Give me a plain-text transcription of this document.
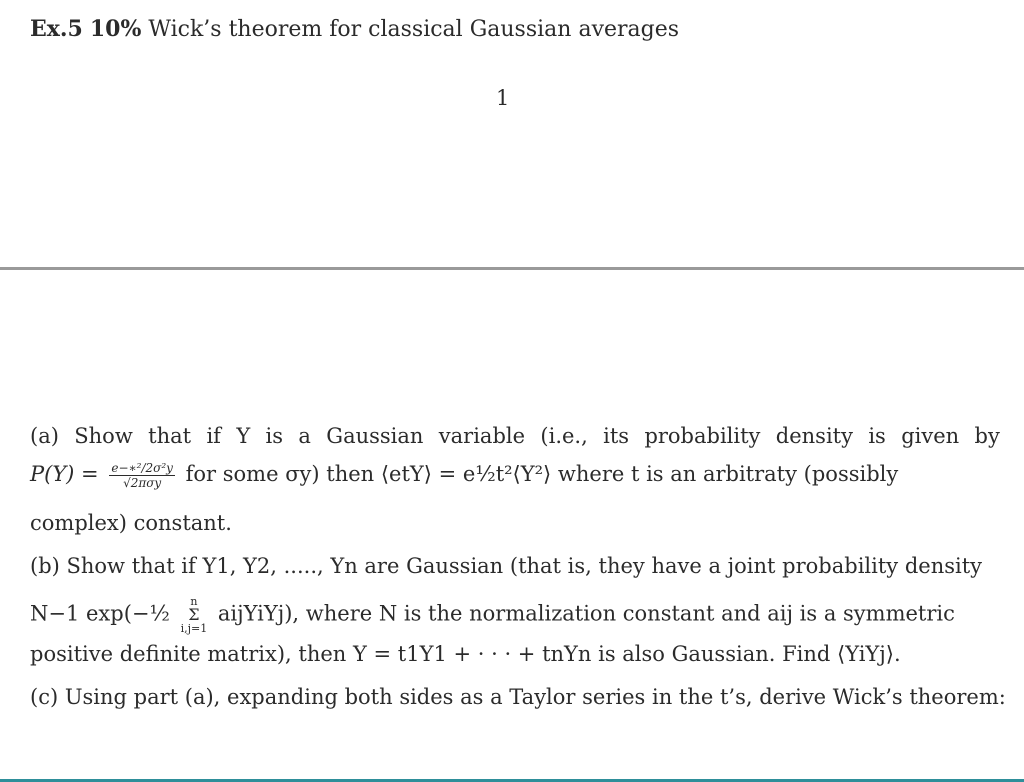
Ex.5 10% Wick’s theorem for classical Gaussian averages
1
(a) Show that if Y is a Gaussian variable (i.e., its probability density is given by
$P(Y) = \frac{\text{e−∗²/2σ²y}}{\text{√2πσy}}$ for some σy) then ⟨etY⟩ = e½t²⟨Y²⟩ where t is an arbitraty (possibly
complex) constant.
(b) Show that if Y1, Y2, ....., Yn are Gaussian (that is, they have a joint probability density
N−1 exp(−½ n
Σ
i,j=1 aijYiYj), where N is the normalization constant and aij is a symmetric
positive definite matrix), then Y = t1Y1 + · · · + tnYn is also Gaussian. Find ⟨YiYj⟩.
(c) Using part (a), expanding both sides as a Taylor series in the t’s, derive Wick’s theorem:
